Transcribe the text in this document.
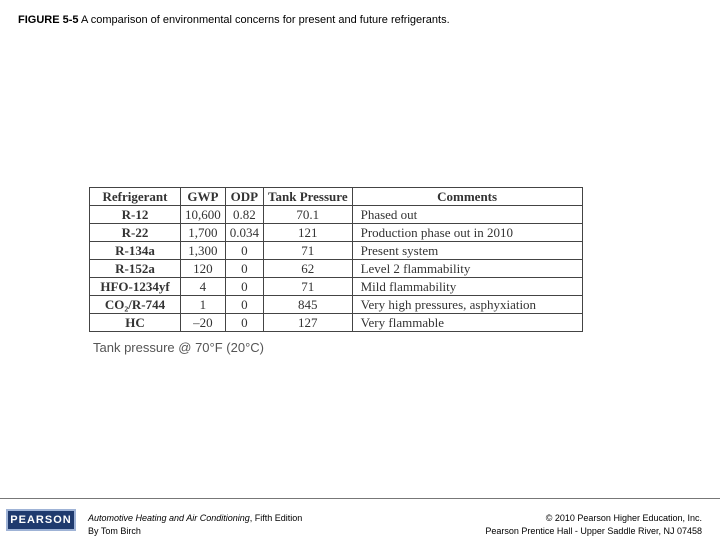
FIGURE 5-5 A comparison of environmental concerns for present and future refrigerants.
Refrigerant	GWP	ODP	Tank Pressure	Comments
R-12	10,600	0.82	70.1	Phased out
R-22	1,700	0.034	121	Production phase out in 2010
R-134a	1,300	0	71	Present system
R-152a	120	0	62	Level 2 flammability
HFO-1234yf	4	0	71	Mild flammability
CO₂/R-744	1	0	845	Very high pressures, asphyxiation
HC	–20	0	127	Very flammable
Tank pressure @ 70°F (20°C)
PEARSON	Automotive Heating and Air Conditioning, Fifth Edition
By Tom Birch
© 2010 Pearson Higher Education, Inc.
Pearson Prentice Hall - Upper Saddle River, NJ 07458
